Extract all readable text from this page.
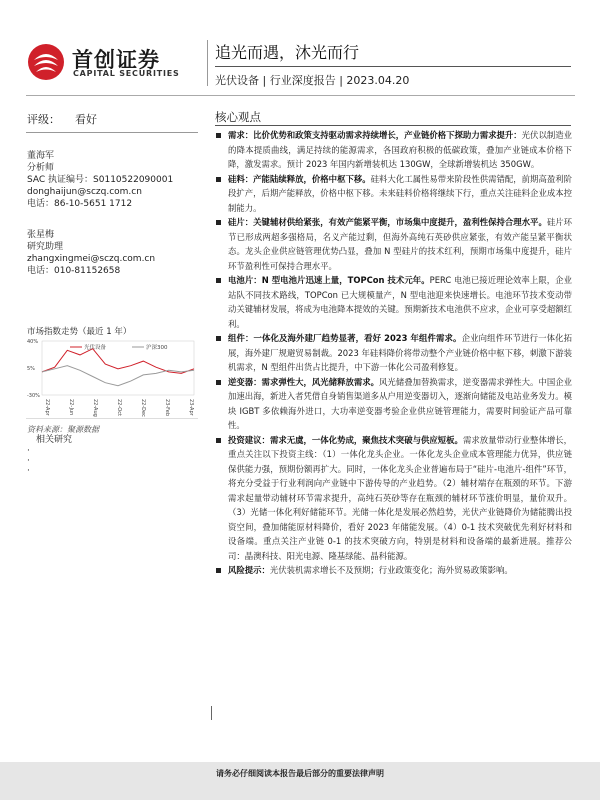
首创证券
CAPITAL SECURITIES
追光而遇，沐光而行
光伏设备 | 行业深度报告 | 2023.04.20
评级： 看好
董海军
分析师
SAC 执证编号：S0110522090001
donghaijun@sczq.com.cn
电话：86-10-5651 1712
张星梅
研究助理
zhangxingmei@sczq.com.cn
电话：010-81152658
市场指数走势（最近 1 年）
40%
5%
-30%
光伏设备	沪深300
22-Apr	22-Jun	22-Aug	22-Oct	22-Dec	23-Feb	23-Apr
资料来源：聚源数据
相关研究
·
·
·
核心观点
需求：比价优势和政策支持驱动需求持续增长，产业链价格下探助力需求提升：光伏以制造业的降本提质曲线，满足持续的能源需求，各国政府积极的低碳政策，叠加产业链成本价格下降，激发需求。预计 2023 年国内新增装机达 130GW，全球新增装机达 350GW。
硅料：产能陆续释放，价格中枢下移。硅料大化工属性易带来阶段性供需错配，前期高盈利阶段扩产，后期产能释放，价格中枢下移。未来硅料价格将继续下行，重点关注硅料企业成本控制能力。
硅片：关键辅材供给紧张，有效产能紧平衡，市场集中度提升，盈利性保持合理水平。硅片环节已形成两超多强格局，名义产能过剩，但海外高纯石英砂供应紧张，有效产能呈紧平衡状态。龙头企业供应链管理优势凸显，叠加 N 型硅片的技术红利，预期市场集中度提升，硅片环节盈利性可保持合理水平。
电池片：N 型电池片迅速上量，TOPCon 技术元年。PERC 电池已接近理论效率上限，企业站队不同技术路线，TOPCon 已大规模量产，N 型电池迎来快速增长。电池环节技术变动带动关键辅材发展，将成为电池降本提效的关键。预期新技术电池供不应求，企业可享受超额红利。
组件：一体化及海外建厂趋势显著，看好 2023 年组件需求。企业向组件环节进行一体化拓展，海外建厂规避贸易制裁。2023 年硅料降价将带动整个产业链价格中枢下移，刺激下游装机需求，N 型组件出货占比提升，中下游一体化公司盈利修复。
逆变器：需求弹性大，风光储释放需求。风光储叠加替换需求，逆变器需求弹性大。中国企业加速出海，新进入者凭借自身销售渠道多从户用逆变器切入，逐渐向储能及电站业务发力。模块 IGBT 多依赖海外进口，大功率逆变器考验企业供应链管理能力，需要时间验证产品可靠性。
投资建议：需求无虞，一体化势成，聚焦技术突破与供应短板。需求放量带动行业整体增长，重点关注以下投资主线：（1）一体化龙头企业。一体化龙头企业成本管理能力优异，供应链保供能力强，预期份额再扩大。同时，一体化龙头企业普遍布局于“硅片-电池片-组件”环节，将充分受益于行业利润向产业链中下游传导的产业趋势。（2）辅材端存在瓶颈的环节。下游需求起量带动辅材环节需求提升，高纯石英砂等存在瓶颈的辅材环节涨价明显，量价双升。（3）光储一体化利好储能环节。光储一体化是发展必然趋势，光伏产业链降价为储能腾出投资空间，叠加储能原材料降价，看好 2023 年储能发展。（4）0-1 技术突破优先利好材料和设备端。重点关注产业链 0-1 的技术突破方向，特别是材料和设备端的最新进展。推荐公司：晶澳科技、阳光电源、隆基绿能、晶科能源。
风险提示：光伏装机需求增长不及预期；行业政策变化；海外贸易政策影响。
请务必仔细阅读本报告最后部分的重要法律声明
